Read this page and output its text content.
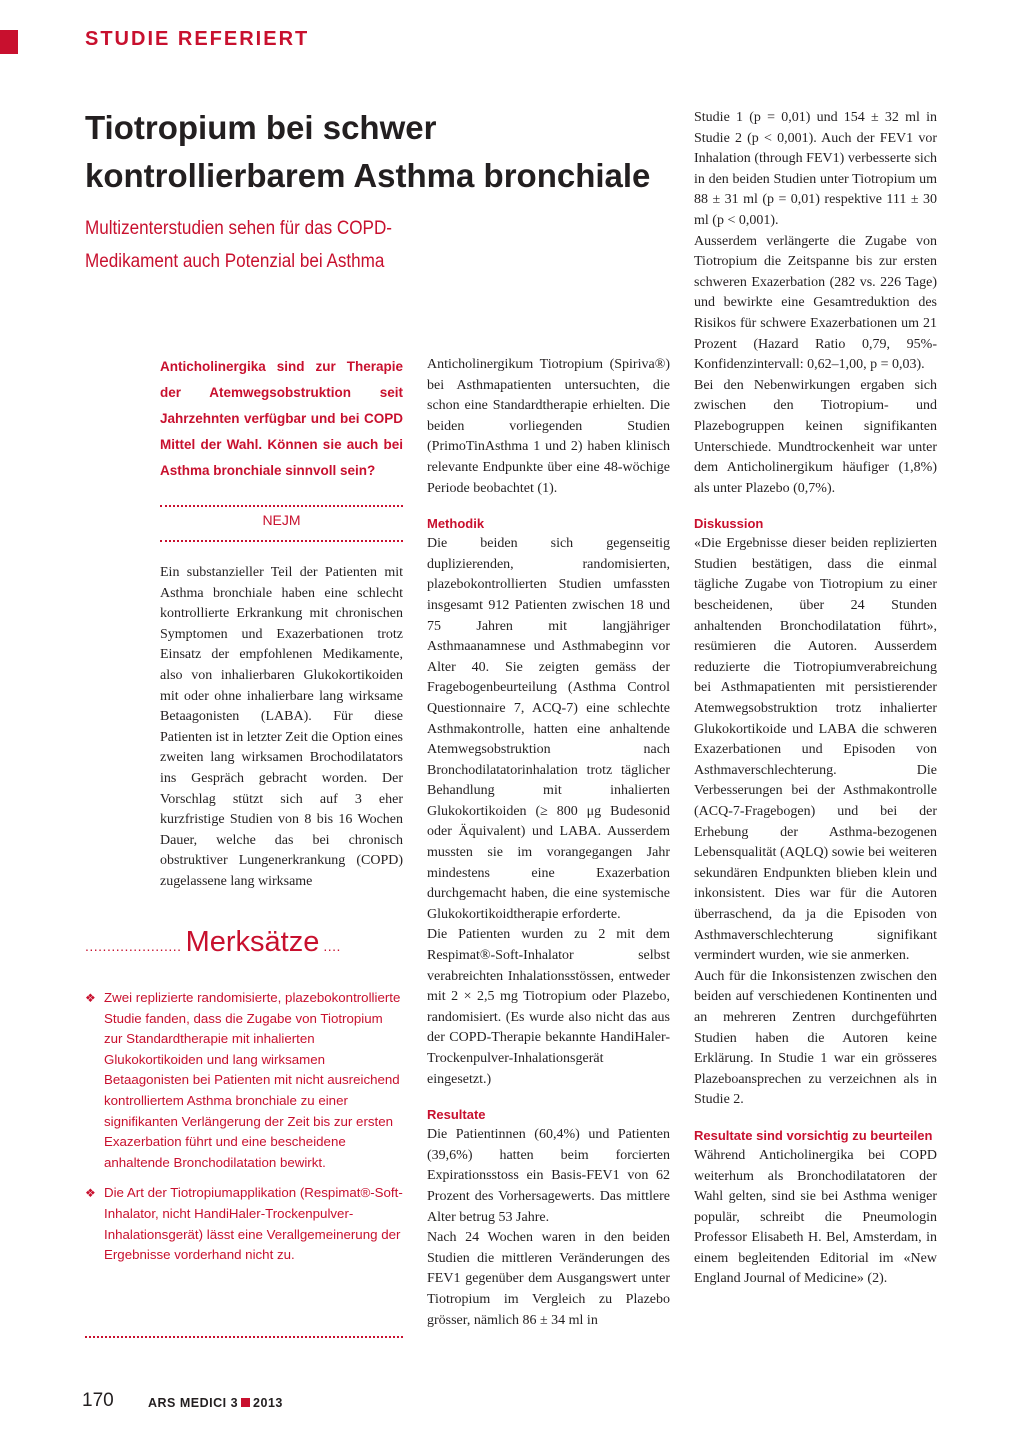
STUDIE REFERIERT
Tiotropium bei schwer kontrollierbarem Asthma bronchiale
Multizenterstudien sehen für das COPD-Medikament auch Potenzial bei Asthma
Anticholinergika sind zur Therapie der Atemwegsobstruktion seit Jahrzehnten verfügbar und bei COPD Mittel der Wahl. Können sie auch bei Asthma bronchiale sinnvoll sein?
NEJM

Ein substanzieller Teil der Patienten mit Asthma bronchiale haben eine schlecht kontrollierte Erkrankung mit chronischen Symptomen und Exazerbationen trotz Einsatz der empfohlenen Medikamente, also von inhalierbaren Glukokortikoiden mit oder ohne inhalierbare lang wirksame Betaagonisten (LABA). Für diese Patienten ist in letzter Zeit die Option eines zweiten lang wirksamen Brochodilatators ins Gespräch gebracht worden. Der Vorschlag stützt sich auf 3 eher kurzfristige Studien von 8 bis 16 Wochen Dauer, welche das bei chronisch obstruktiver Lungenerkrankung (COPD) zugelassene lang wirksame

Anticholinergikum Tiotropium (Spiriva®) bei Asthmapatienten untersuchten, die schon eine Standardtherapie erhielten. Die beiden vorliegenden Studien (PrimoTinAsthma 1 und 2) haben klinisch relevante Endpunkte über eine 48-wöchige Periode beobachtet (1).

Methodik

Die beiden sich gegenseitig duplizierenden, randomisierten, plazebokontrollierten Studien umfassten insgesamt 912 Patienten zwischen 18 und 75 Jahren mit langjähriger Asthmaanamnese und Asthmabeginn vor Alter 40. Sie zeigten gemäss der Fragebogenbeurteilung (Asthma Control Questionnaire 7, ACQ-7) eine schlechte Asthmakontrolle, hatten eine anhaltende Atemwegsobstruktion nach Bronchodilatatorinhalation trotz täglicher Behandlung mit inhalierten Glukokortikoiden (≥ 800 μg Budesonid oder Äquivalent) und LABA. Ausserdem mussten sie im vorangegangen Jahr mindestens eine Exazerbation durchgemacht haben, die eine systemische Glukokortikoidtherapie erforderte.

Die Patienten wurden zu 2 mit dem Respimat®-Soft-Inhalator selbst verabreichten Inhalationsstössen, entweder mit 2 × 2,5 mg Tiotropium oder Plazebo, randomisiert. (Es wurde also nicht das aus der COPD-Therapie bekannte HandiHaler-Trockenpulver-Inhalationsgerät eingesetzt.)

Resultate

Die Patientinnen (60,4%) und Patienten (39,6%) hatten beim forcierten Expirationsstoss ein Basis-FEV1 von 62 Prozent des Vorhersagewerts. Das mittlere Alter betrug 53 Jahre.

Nach 24 Wochen waren in den beiden Studien die mittleren Veränderungen des FEV1 gegenüber dem Ausgangswert unter Tiotropium im Vergleich zu Plazebo grösser, nämlich 86 ± 34 ml in

Studie 1 (p = 0,01) und 154 ± 32 ml in Studie 2 (p < 0,001). Auch der FEV1 vor Inhalation (through FEV1) verbesserte sich in den beiden Studien unter Tiotropium um 88 ± 31 ml (p = 0,01) respektive 111 ± 30 ml (p < 0,001).

Ausserdem verlängerte die Zugabe von Tiotropium die Zeitspanne bis zur ersten schweren Exazerbation (282 vs. 226 Tage) und bewirkte eine Gesamtreduktion des Risikos für schwere Exazerbationen um 21 Prozent (Hazard Ratio 0,79, 95%-Konfidenzintervall: 0,62–1,00, p = 0,03).

Bei den Nebenwirkungen ergaben sich zwischen den Tiotropium- und Plazebogruppen keinen signifikanten Unterschiede. Mundtrockenheit war unter dem Anticholinergikum häufiger (1,8%) als unter Plazebo (0,7%).

Diskussion

«Die Ergebnisse dieser beiden replizierten Studien bestätigen, dass die einmal tägliche Zugabe von Tiotropium zu einer bescheidenen, über 24 Stunden anhaltenden Bronchodilatation führt», resümieren die Autoren. Ausserdem reduzierte die Tiotropiumverabreichung bei Asthmapatienten mit persistierender Atemwegsobstruktion trotz inhalierter Glukokortikoide und LABA die schweren Exazerbationen und Episoden von Asthmaverschlechterung. Die Verbesserungen bei der Asthmakontrolle (ACQ-7-Fragebogen) und bei der Erhebung der Asthma-bezogenen Lebensqualität (AQLQ) sowie bei weiteren sekundären Endpunkten blieben klein und inkonsistent. Dies war für die Autoren überraschend, da ja die Episoden von Asthmaverschlechterung signifikant vermindert wurden, wie sie anmerken.

Auch für die Inkonsistenzen zwischen den beiden auf verschiedenen Kontinenten und an mehreren Zentren durchgeführten Studien haben die Autoren keine Erklärung. In Studie 1 war ein grösseres Plazeboansprechen zu verzeichnen als in Studie 2.

Resultate sind vorsichtig zu beurteilen

Während Anticholinergika bei COPD weiterhum als Bronchodilatatoren der Wahl gelten, sind sie bei Asthma weniger populär, schreibt die Pneumologin Professor Elisabeth H. Bel, Amsterdam, in einem begleitenden Editorial im «New England Journal of Medicine» (2).

...................... Merksätze ....
❖ Zwei replizierte randomisierte, plazebokontrollierte Studie fanden, dass die Zugabe von Tiotropium zur Standardtherapie mit inhalierten Glukokortikoiden und lang wirksamen Betaagonisten bei Patienten mit nicht ausreichend kontrolliertem Asthma bronchiale zu einer signifikanten Verlängerung der Zeit bis zur ersten Exazerbation führt und eine bescheidene anhaltende Bronchodilatation bewirkt.
❖ Die Art der Tiotropiumapplikation (Respimat®-Soft-Inhalator, nicht HandiHaler-Trockenpulver-Inhalationsgerät) lässt eine Verallgemeinerung der Ergebnisse vorderhand nicht zu.
170	ARS MEDICI 3 2013
